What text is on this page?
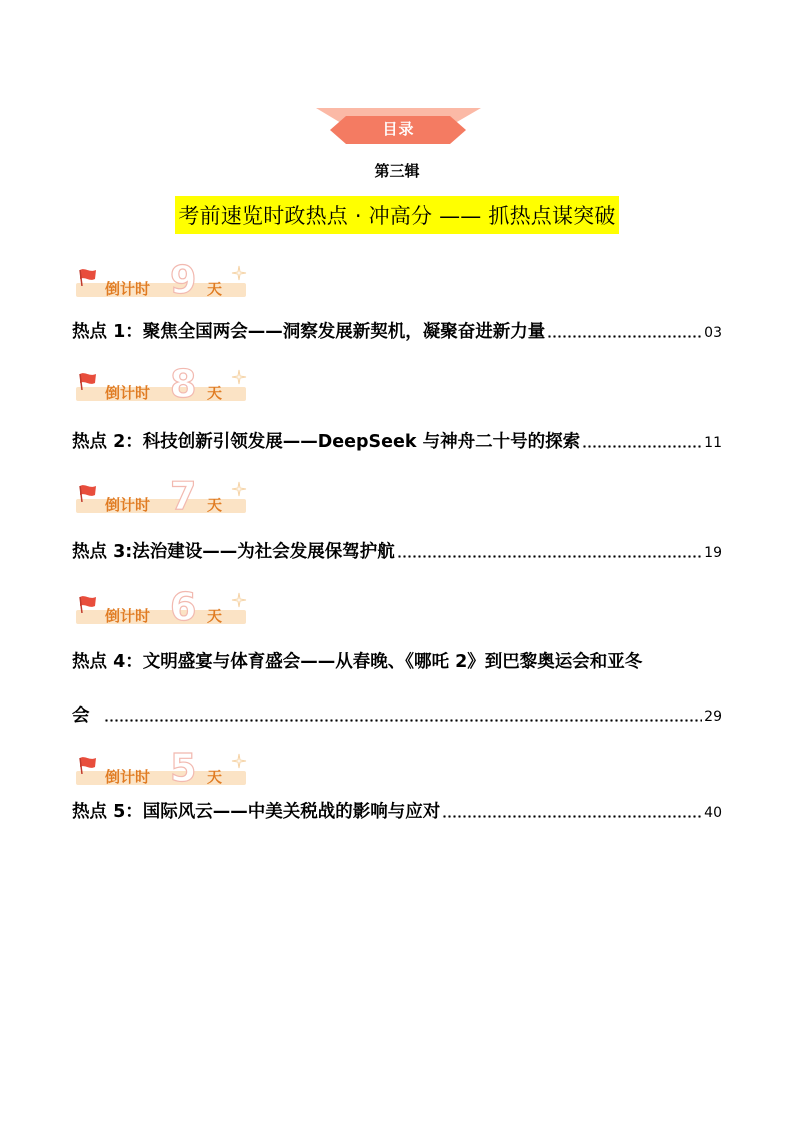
目录
第三辑
考前速览时政热点 · 冲高分 —— 抓热点谋突破
倒计时 9 天
热点 1：聚焦全国两会——洞察发展新契机，凝聚奋进新力量	03
倒计时 8 天
热点 2：科技创新引领发展——DeepSeek 与神舟二十号的探索	11
倒计时 7 天
热点 3:法治建设——为社会发展保驾护航	19
倒计时 6 天
热点 4：文明盛宴与体育盛会——从春晚、《哪吒 2》到巴黎奥运会和亚冬
会	29
倒计时 5 天
热点 5：国际风云——中美关税战的影响与应对	40
